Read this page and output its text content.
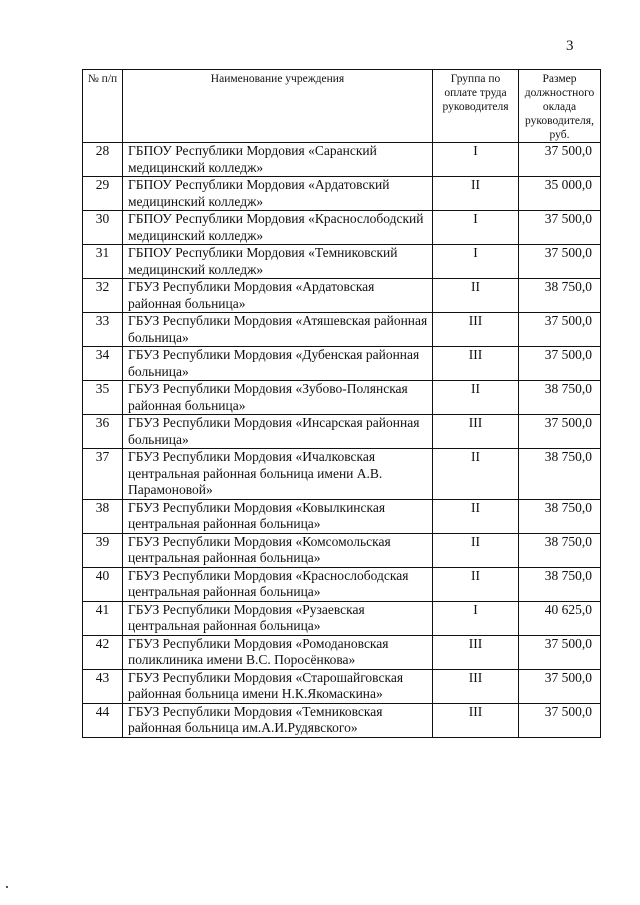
3
№ п/п	Наименование учреждения	Группа по оплате труда руководителя	Размер должностного оклада руководителя, руб.
28	ГБПОУ Республики Мордовия «Саранский медицинский колледж»	I	37 500,0
29	ГБПОУ Республики Мордовия «Ардатовский медицинский колледж»	II	35 000,0
30	ГБПОУ Республики Мордовия «Краснослободский медицинский колледж»	I	37 500,0
31	ГБПОУ Республики Мордовия «Темниковский медицинский колледж»	I	37 500,0
32	ГБУЗ Республики Мордовия «Ардатовская районная больница»	II	38 750,0
33	ГБУЗ Республики Мордовия «Атяшевская районная больница»	III	37 500,0
34	ГБУЗ Республики Мордовия «Дубенская районная больница»	III	37 500,0
35	ГБУЗ Республики Мордовия «Зубово-Полянская районная больница»	II	38 750,0
36	ГБУЗ Республики Мордовия «Инсарская районная больница»	III	37 500,0
37	ГБУЗ Республики Мордовия «Ичалковская центральная районная больница имени А.В. Парамоновой»	II	38 750,0
38	ГБУЗ Республики Мордовия «Ковылкинская центральная районная больница»	II	38 750,0
39	ГБУЗ Республики Мордовия «Комсомольская центральная районная больница»	II	38 750,0
40	ГБУЗ Республики Мордовия «Краснослободская центральная районная больница»	II	38 750,0
41	ГБУЗ Республики Мордовия «Рузаевская центральная районная больница»	I	40 625,0
42	ГБУЗ Республики Мордовия «Ромодановская поликлиника имени В.С. Поросёнкова»	III	37 500,0
43	ГБУЗ Республики Мордовия «Старошайговская районная больница имени Н.К.Якомаскина»	III	37 500,0
44	ГБУЗ Республики Мордовия «Темниковская районная больница им.А.И.Рудявского»	III	37 500,0
